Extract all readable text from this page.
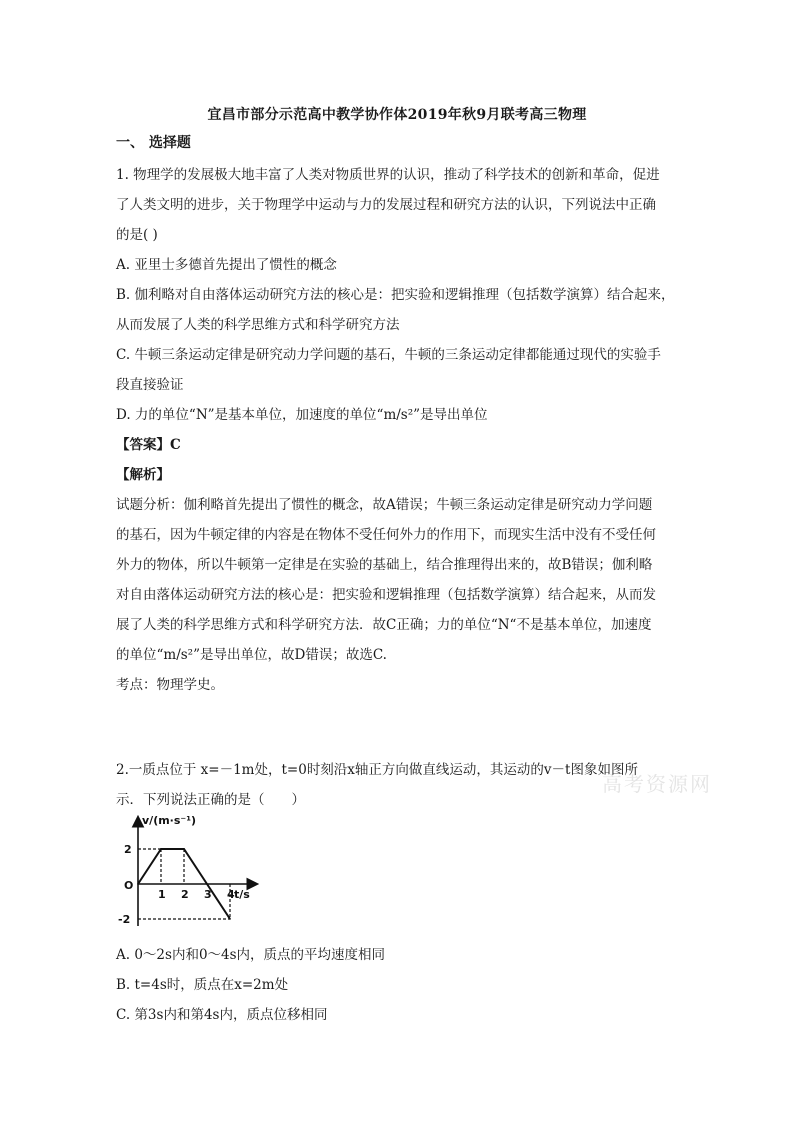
宜昌市部分示范高中教学协作体2019年秋9月联考高三物理
一、 选择题
1. 物理学的发展极大地丰富了人类对物质世界的认识，推动了科学技术的创新和革命，促进
了人类文明的进步，关于物理学中运动与力的发展过程和研究方法的认识，下列说法中正确
的是( )
A. 亚里士多德首先提出了惯性的概念
B. 伽利略对自由落体运动研究方法的核心是：把实验和逻辑推理（包括数学演算）结合起来，
从而发展了人类的科学思维方式和科学研究方法
C. 牛顿三条运动定律是研究动力学问题的基石，牛顿的三条运动定律都能通过现代的实验手
段直接验证
D. 力的单位“N”是基本单位，加速度的单位“m/s²”是导出单位
【答案】C
【解析】
试题分析：伽利略首先提出了惯性的概念，故A错误；牛顿三条运动定律是研究动力学问题
的基石，因为牛顿定律的内容是在物体不受任何外力的作用下，而现实生活中没有不受任何
外力的物体，所以牛顿第一定律是在实验的基础上，结合推理得出来的，故B错误；伽利略
对自由落体运动研究方法的核心是：把实验和逻辑推理（包括数学演算）结合起来，从而发
展了人类的科学思维方式和科学研究方法．故C正确；力的单位“N“不是基本单位，加速度
的单位“m/s²”是导出单位，故D错误；故选C.
考点：物理学史。
2.一质点位于 x=－1m处，t=0时刻沿x轴正方向做直线运动，其运动的v－t图象如图所
示．下列说法正确的是（　　）
高考资源网
v/(m·s⁻¹)
t/s
O
1 2 3 4
2
-2
A. 0～2s内和0～4s内，质点的平均速度相同
B. t=4s时，质点在x=2m处
C. 第3s内和第4s内，质点位移相同
